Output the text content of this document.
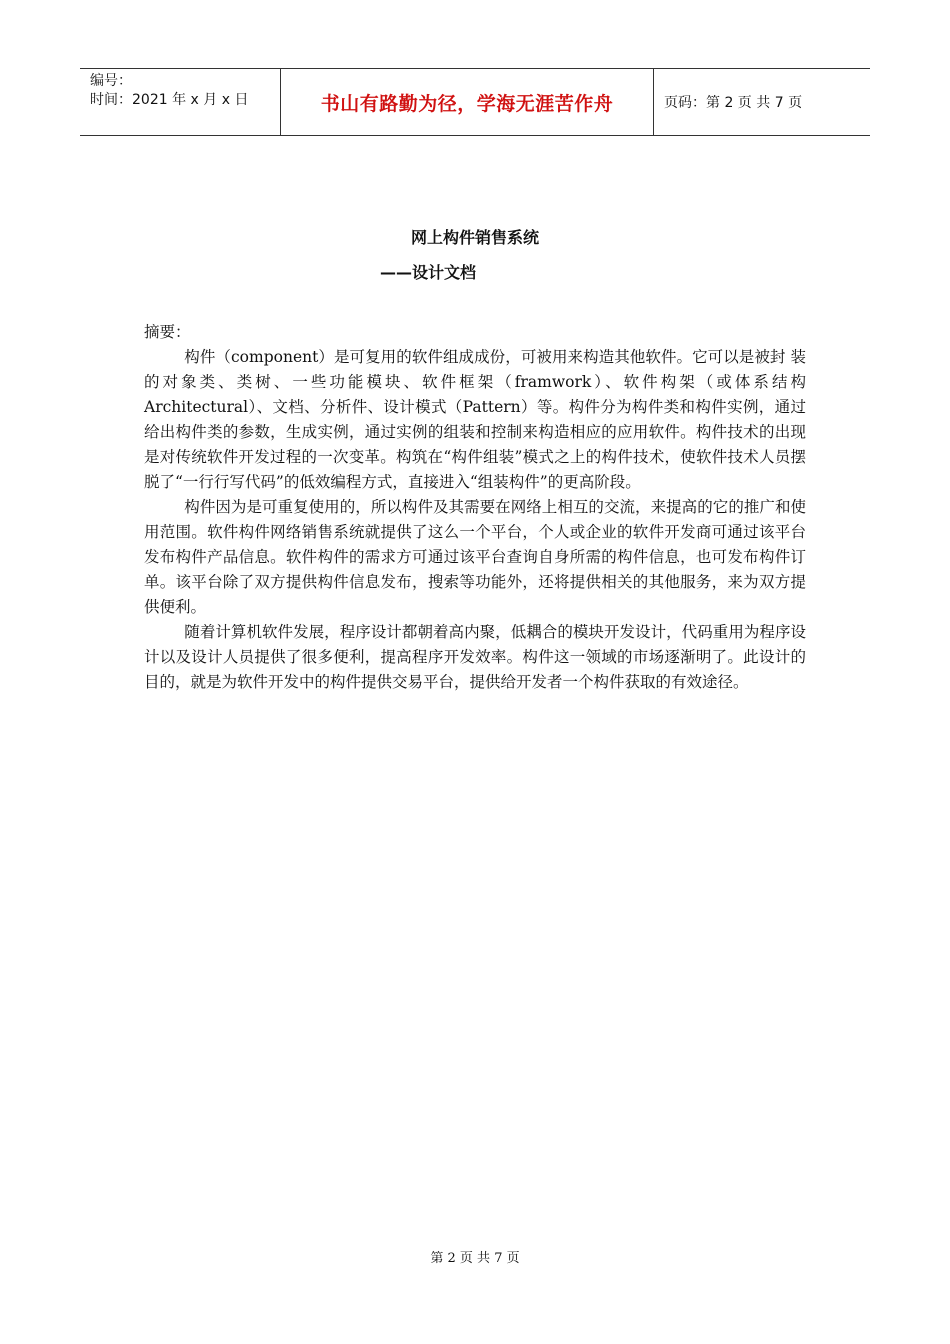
编号：
时间：2021 年 x 月 x 日	书山有路勤为径，学海无涯苦作舟	页码：第 2 页 共 7 页
网上构件销售系统
——设计文档

摘要：

构件（component）是可复用的软件组成成份，可被用来构造其他软件。它可以是被封 装的对象类、类树、一些功能模块、软件框架（framwork）、软件构架（或体系结构 Architectural）、文档、分析件、设计模式（Pattern）等。构件分为构件类和构件实例，通过给出构件类的参数，生成实例，通过实例的组装和控制来构造相应的应用软件。构件技术的出现是对传统软件开发过程的一次变革。构筑在“构件组装”模式之上的构件技术，使软件技术人员摆脱了“一行行写代码”的低效编程方式，直接进入“组装构件”的更高阶段。

构件因为是可重复使用的，所以构件及其需要在网络上相互的交流，来提高的它的推广和使用范围。软件构件网络销售系统就提供了这么一个平台，个人或企业的软件开发商可通过该平台发布构件产品信息。软件构件的需求方可通过该平台查询自身所需的构件信息，也可发布构件订单。该平台除了双方提供构件信息发布，搜索等功能外，还将提供相关的其他服务，来为双方提供便利。

随着计算机软件发展，程序设计都朝着高内聚，低耦合的模块开发设计，代码重用为程序设计以及设计人员提供了很多便利，提高程序开发效率。构件这一领域的市场逐渐明了。此设计的目的，就是为软件开发中的构件提供交易平台，提供给开发者一个构件获取的有效途径。

第 2 页 共 7 页
